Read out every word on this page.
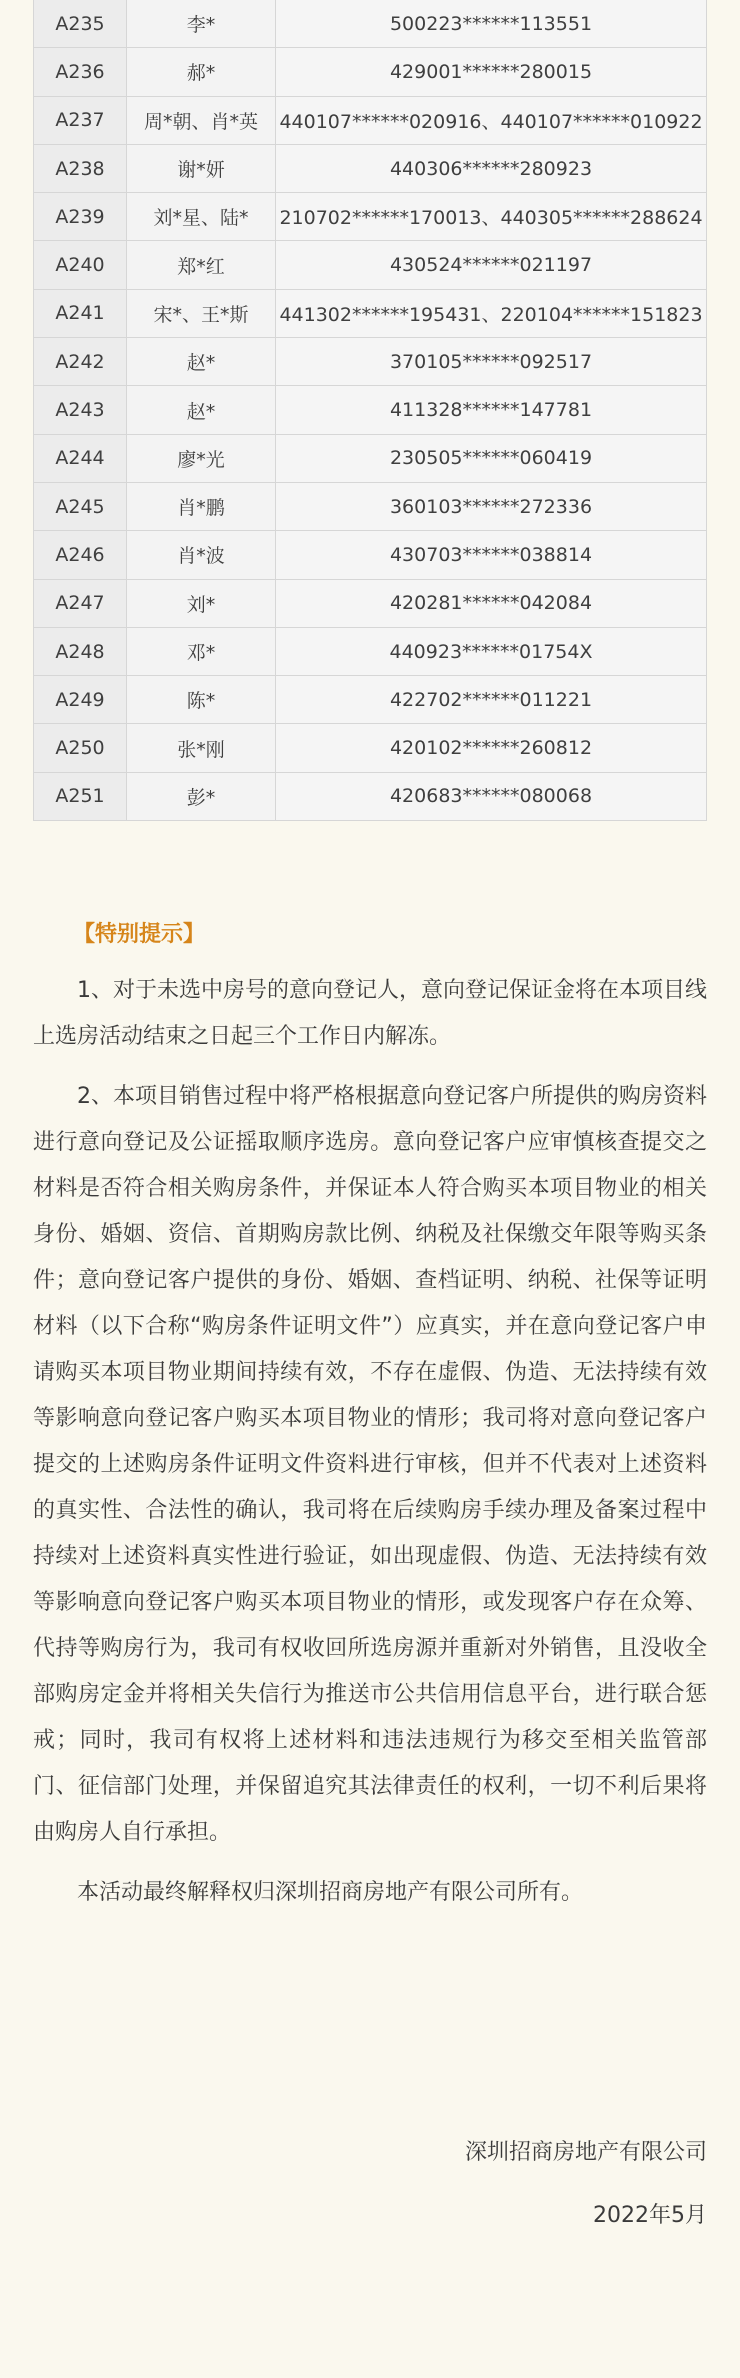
A235	李*	500223******113551
A236	郝*	429001******280015
A237	周*朝、肖*英	440107******020916、440107******010922
A238	谢*妍	440306******280923
A239	刘*星、陆*	210702******170013、440305******288624
A240	郑*红	430524******021197
A241	宋*、王*斯	441302******195431、220104******151823
A242	赵*	370105******092517
A243	赵*	411328******147781
A244	廖*光	230505******060419
A245	肖*鹏	360103******272336
A246	肖*波	430703******038814
A247	刘*	420281******042084
A248	邓*	440923******01754X
A249	陈*	422702******011221
A250	张*刚	420102******260812
A251	彭*	420683******080068
【特别提示】

1、对于未选中房号的意向登记人，意向登记保证金将在本项目线上选房活动结束之日起三个工作日内解冻。

2、本项目销售过程中将严格根据意向登记客户所提供的购房资料进行意向登记及公证摇取顺序选房。意向登记客户应审慎核查提交之材料是否符合相关购房条件，并保证本人符合购买本项目物业的相关身份、婚姻、资信、首期购房款比例、纳税及社保缴交年限等购买条件；意向登记客户提供的身份、婚姻、查档证明、纳税、社保等证明材料（以下合称“购房条件证明文件”）应真实，并在意向登记客户申请购买本项目物业期间持续有效，不存在虚假、伪造、无法持续有效等影响意向登记客户购买本项目物业的情形；我司将对意向登记客户提交的上述购房条件证明文件资料进行审核，但并不代表对上述资料的真实性、合法性的确认，我司将在后续购房手续办理及备案过程中持续对上述资料真实性进行验证，如出现虚假、伪造、无法持续有效等影响意向登记客户购买本项目物业的情形，或发现客户存在众筹、代持等购房行为，我司有权收回所选房源并重新对外销售，且没收全部购房定金并将相关失信行为推送市公共信用信息平台，进行联合惩戒；同时，我司有权将上述材料和违法违规行为移交至相关监管部门、征信部门处理，并保留追究其法律责任的权利，一切不利后果将由购房人自行承担。

本活动最终解释权归深圳招商房地产有限公司所有。

深圳招商房地产有限公司
2022年5月
